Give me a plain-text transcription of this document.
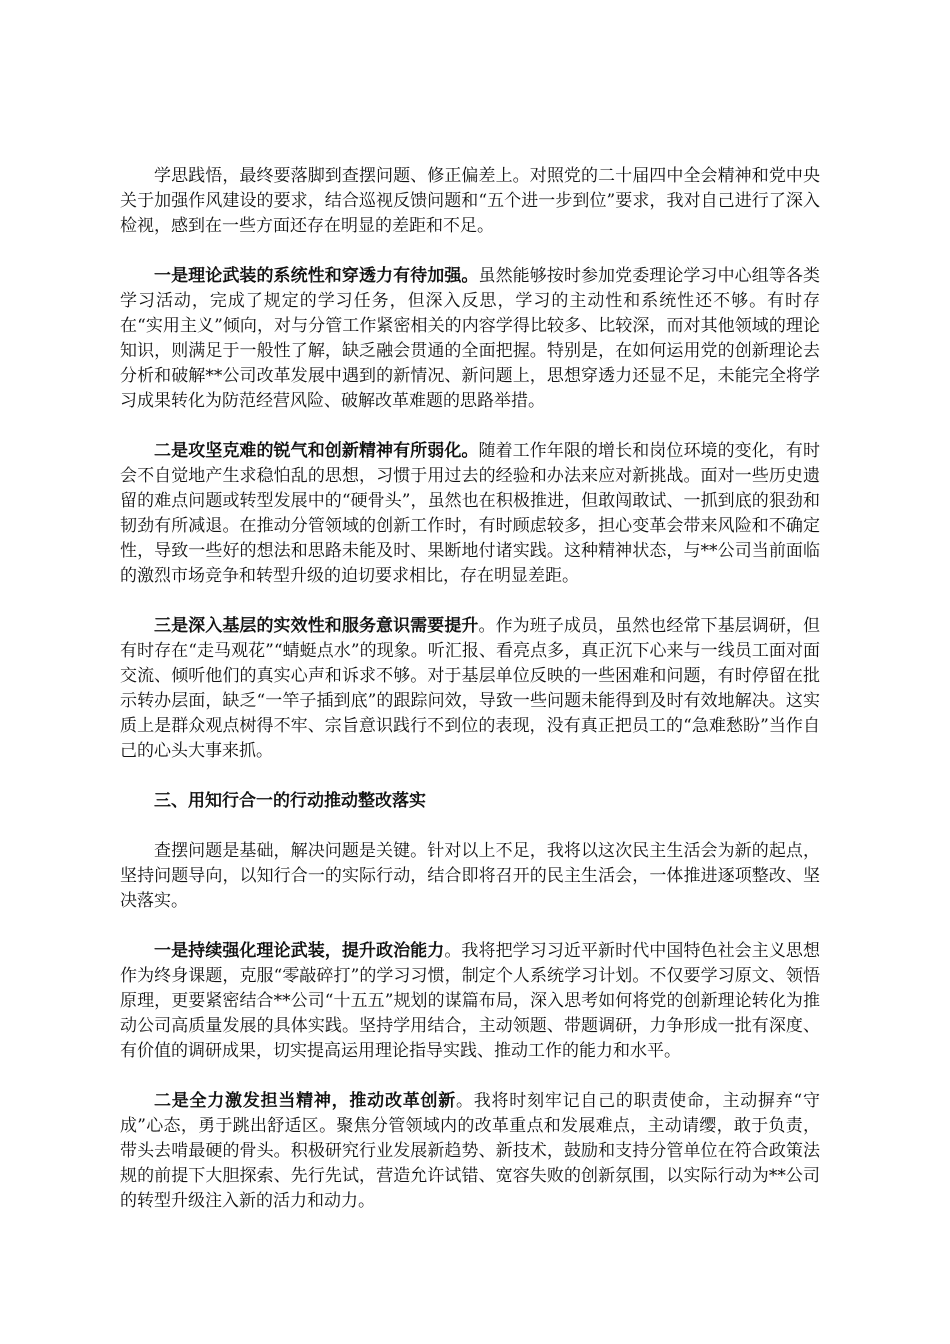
学思践悟，最终要落脚到查摆问题、修正偏差上。对照党的二十届四中全会精神和党中央关于加强作风建设的要求，结合巡视反馈问题和“五个进一步到位”要求，我对自己进行了深入检视，感到在一些方面还存在明显的差距和不足。

一是理论武装的系统性和穿透力有待加强。虽然能够按时参加党委理论学习中心组等各类学习活动，完成了规定的学习任务，但深入反思，学习的主动性和系统性还不够。有时存在“实用主义”倾向，对与分管工作紧密相关的内容学得比较多、比较深，而对其他领域的理论知识，则满足于一般性了解，缺乏融会贯通的全面把握。特别是，在如何运用党的创新理论去分析和破解**公司改革发展中遇到的新情况、新问题上，思想穿透力还显不足，未能完全将学习成果转化为防范经营风险、破解改革难题的思路举措。

二是攻坚克难的锐气和创新精神有所弱化。随着工作年限的增长和岗位环境的变化，有时会不自觉地产生求稳怕乱的思想，习惯于用过去的经验和办法来应对新挑战。面对一些历史遗留的难点问题或转型发展中的“硬骨头”，虽然也在积极推进，但敢闯敢试、一抓到底的狠劲和韧劲有所减退。在推动分管领域的创新工作时，有时顾虑较多，担心变革会带来风险和不确定性，导致一些好的想法和思路未能及时、果断地付诸实践。这种精神状态，与**公司当前面临的激烈市场竞争和转型升级的迫切要求相比，存在明显差距。

三是深入基层的实效性和服务意识需要提升。作为班子成员，虽然也经常下基层调研，但有时存在“走马观花”“蜻蜓点水”的现象。听汇报、看亮点多，真正沉下心来与一线员工面对面交流、倾听他们的真实心声和诉求不够。对于基层单位反映的一些困难和问题，有时停留在批示转办层面，缺乏“一竿子插到底”的跟踪问效，导致一些问题未能得到及时有效地解决。这实质上是群众观点树得不牢、宗旨意识践行不到位的表现，没有真正把员工的“急难愁盼”当作自己的心头大事来抓。

三、用知行合一的行动推动整改落实

查摆问题是基础，解决问题是关键。针对以上不足，我将以这次民主生活会为新的起点，坚持问题导向，以知行合一的实际行动，结合即将召开的民主生活会，一体推进逐项整改、坚决落实。

一是持续强化理论武装，提升政治能力。我将把学习习近平新时代中国特色社会主义思想作为终身课题，克服“零敲碎打”的学习习惯，制定个人系统学习计划。不仅要学习原文、领悟原理，更要紧密结合**公司“十五五”规划的谋篇布局，深入思考如何将党的创新理论转化为推动公司高质量发展的具体实践。坚持学用结合，主动领题、带题调研，力争形成一批有深度、有价值的调研成果，切实提高运用理论指导实践、推动工作的能力和水平。

二是全力激发担当精神，推动改革创新。我将时刻牢记自己的职责使命，主动摒弃“守成”心态，勇于跳出舒适区。聚焦分管领域内的改革重点和发展难点，主动请缨，敢于负责，带头去啃最硬的骨头。积极研究行业发展新趋势、新技术，鼓励和支持分管单位在符合政策法规的前提下大胆探索、先行先试，营造允许试错、宽容失败的创新氛围，以实际行动为**公司的转型升级注入新的活力和动力。
